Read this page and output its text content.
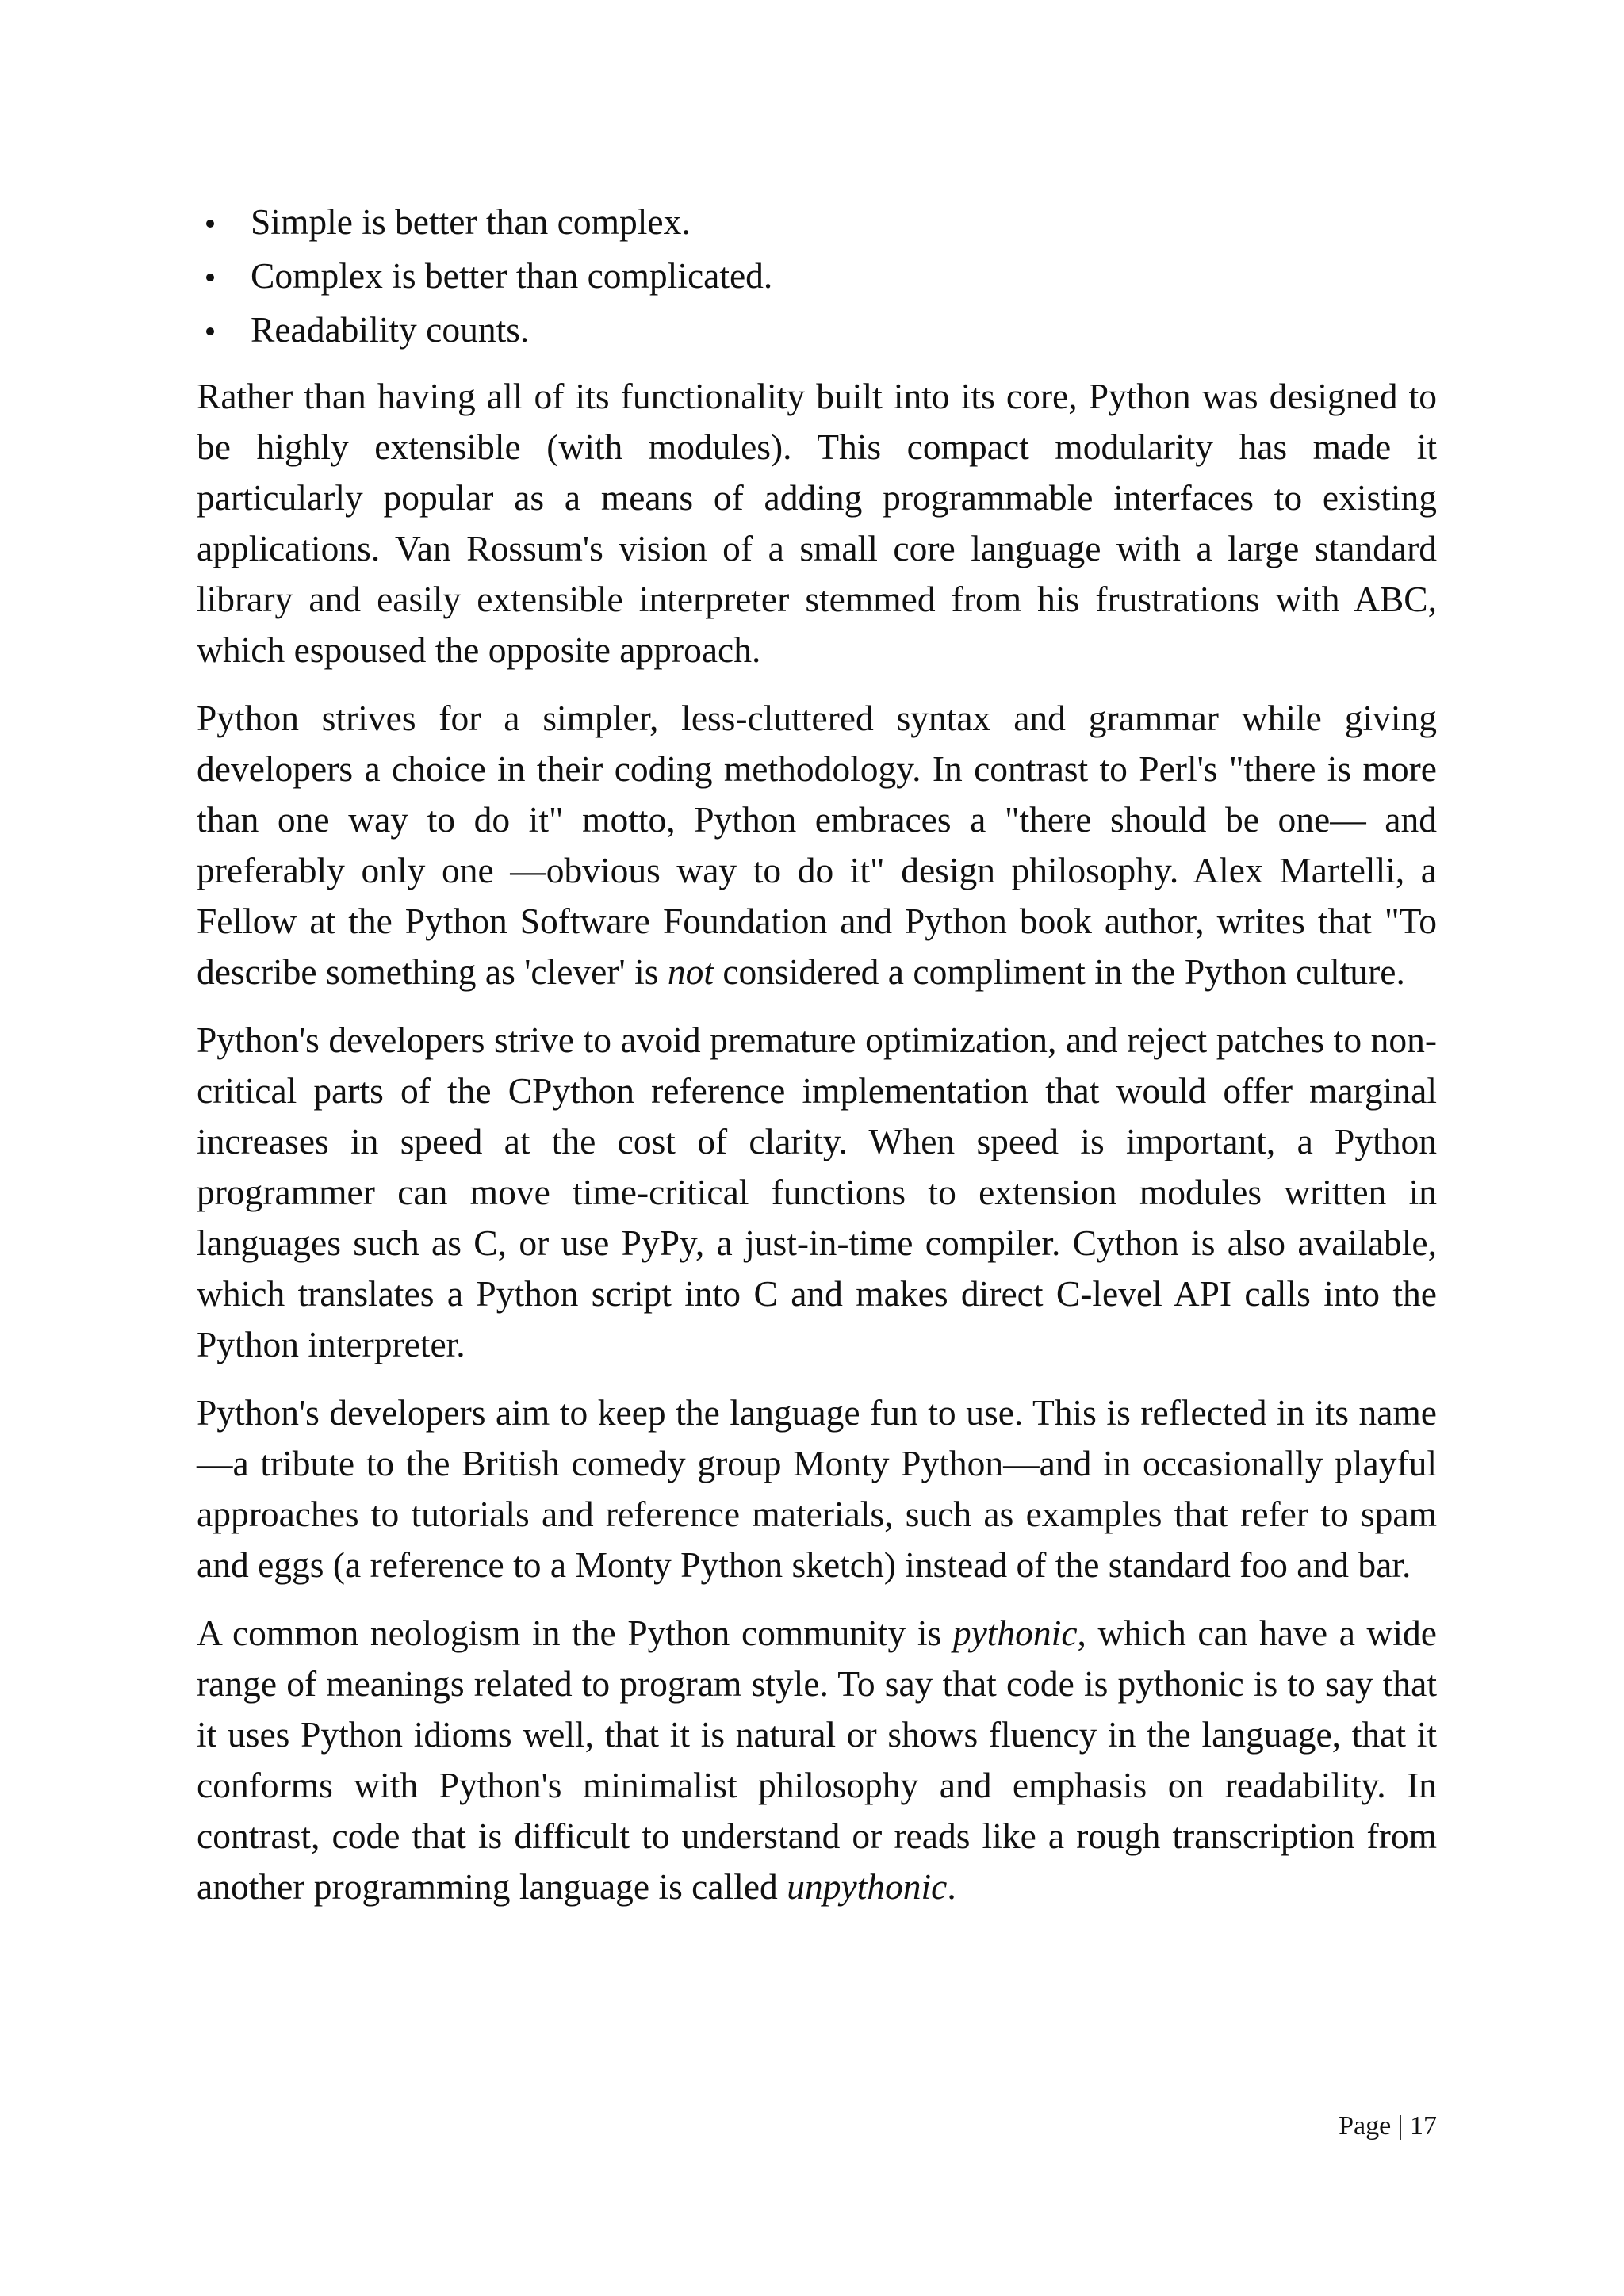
Simple is better than complex.
Complex is better than complicated.
Readability counts.

Rather than having all of its functionality built into its core, Python was designed to be highly extensible (with modules). This compact modularity has made it particularly popular as a means of adding programmable interfaces to existing applications. Van Rossum's vision of a small core language with a large standard library and easily extensible interpreter stemmed from his frustrations with ABC, which espoused the opposite approach.

Python strives for a simpler, less-cluttered syntax and grammar while giving developers a choice in their coding methodology. In contrast to Perl's "there is more than one way to do it" motto, Python embraces a "there should be one— and preferably only one —obvious way to do it" design philosophy. Alex Martelli, a Fellow at the Python Software Foundation and Python book author, writes that "To describe something as 'clever' is not considered a compliment in the Python culture.

Python's developers strive to avoid premature optimization, and reject patches to non-critical parts of the CPython reference implementation that would offer marginal increases in speed at the cost of clarity. When speed is important, a Python programmer can move time-critical functions to extension modules written in languages such as C, or use PyPy, a just-in-time compiler. Cython is also available, which translates a Python script into C and makes direct C-level API calls into the Python interpreter.

Python's developers aim to keep the language fun to use. This is reflected in its name—a tribute to the British comedy group Monty Python—and in occasionally playful approaches to tutorials and reference materials, such as examples that refer to spam and eggs (a reference to a Monty Python sketch) instead of the standard foo and bar.

A common neologism in the Python community is pythonic, which can have a wide range of meanings related to program style. To say that code is pythonic is to say that it uses Python idioms well, that it is natural or shows fluency in the language, that it conforms with Python's minimalist philosophy and emphasis on readability. In contrast, code that is difficult to understand or reads like a rough transcription from another programming language is called unpythonic.

Page | 17
